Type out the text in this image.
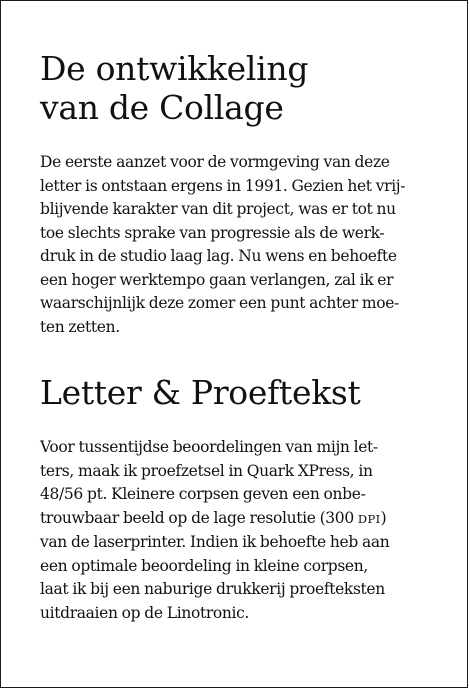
De ontwikkeling
van de Collage

De eerste aanzet voor de vormgeving van deze
letter is ontstaan ergens in 1991. Gezien het vrij-
blijvende karakter van dit project, was er tot nu
toe slechts sprake van progressie als de werk-
druk in de studio laag lag. Nu wens en behoefte
een hoger werktempo gaan verlangen, zal ik er
waarschijnlijk deze zomer een punt achter moe-
ten zetten.

Letter & Proeftekst

Voor tussentijdse beoordelingen van mijn let-
ters, maak ik proefzetsel in Quark XPress, in
48/56 pt. Kleinere corpsen geven een onbe-
trouwbaar beeld op de lage resolutie (300 DPI)
van de laserprinter. Indien ik behoefte heb aan
een optimale beoordeling in kleine corpsen,
laat ik bij een naburige drukkerij proefteksten
uitdraaien op de Linotronic.
